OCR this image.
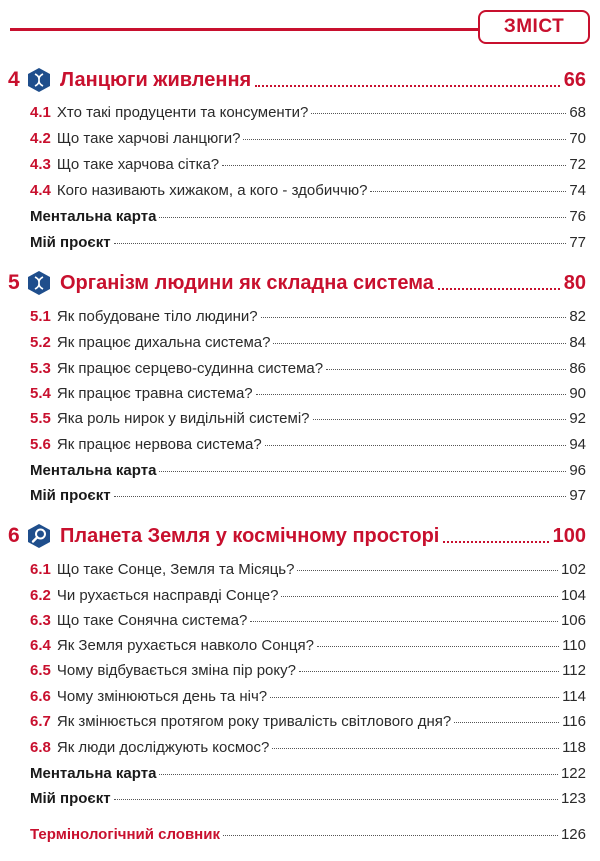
ЗМІСТ
4	Ланцюги живлення	66
4.1 Хто такі продуценти та консументи?	68
4.2 Що таке харчові ланцюги?	70
4.3 Що таке харчова сітка?	72
4.4 Кого називають хижаком, а кого - здобиччю?	74
Ментальна карта	76
Мій проєкт	77
5	Організм людини як складна система	80
5.1 Як побудоване тіло людини?	82
5.2 Як працює дихальна система?	84
5.3 Як працює серцево-судинна система?	86
5.4 Як працює травна система?	90
5.5 Яка роль нирок у видільній системі?	92
5.6 Як працює нервова система?	94
Ментальна карта	96
Мій проєкт	97
6	Планета Земля у космічному просторі	100
6.1 Що таке Сонце, Земля та Місяць?	102
6.2 Чи рухається насправді Сонце?	104
6.3 Що таке Сонячна система?	106
6.4 Як Земля рухається навколо Сонця?	110
6.5 Чому відбувається зміна пір року?	112
6.6 Чому змінюються день та ніч?	114
6.7 Як змінюється протягом року тривалість світлового дня?	116
6.8 Як люди досліджують космос?	118
Ментальна карта	122
Мій проєкт	123
Термінологічний словник	126
